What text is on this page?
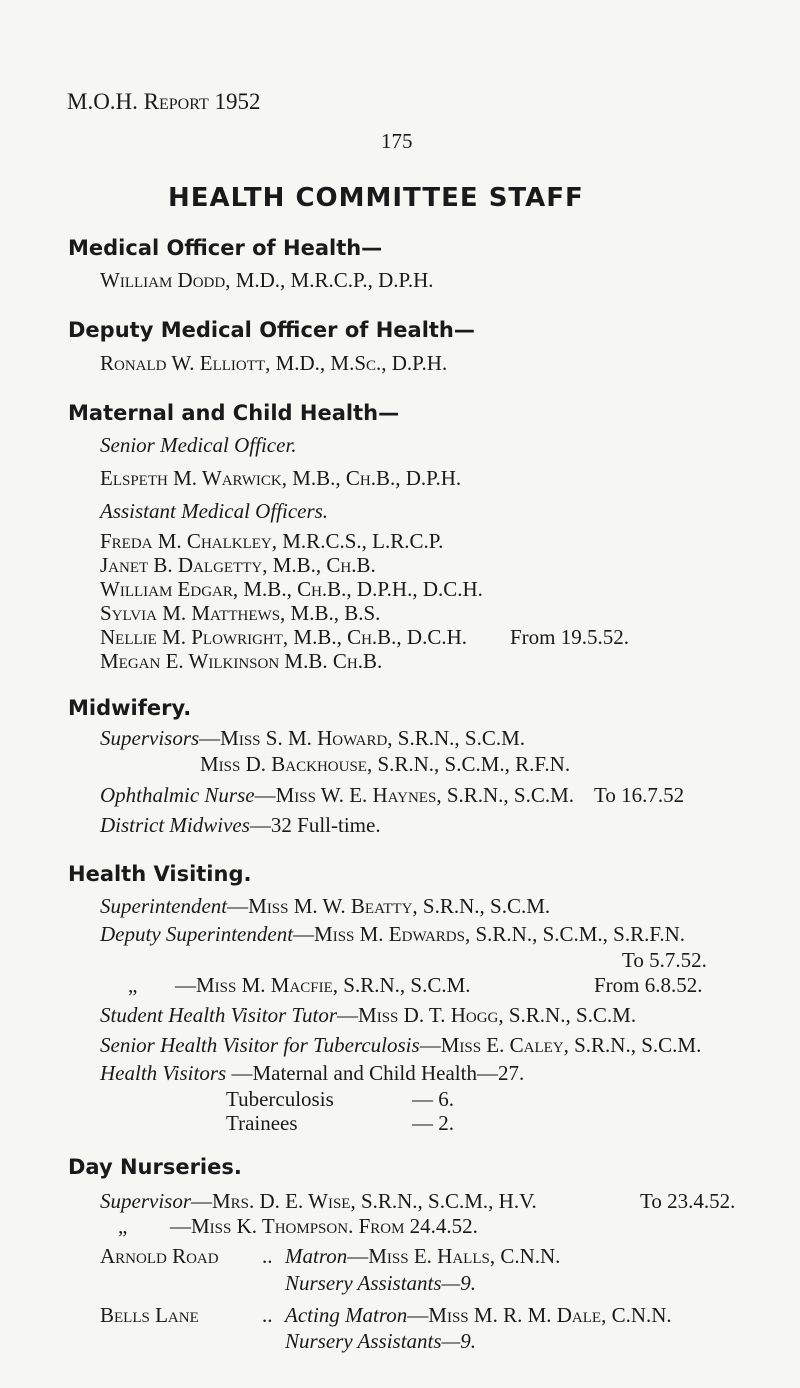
M.O.H. Report 1952
175
HEALTH COMMITTEE STAFF
Medical Officer of Health—
William Dodd, M.D., M.R.C.P., D.P.H.
Deputy Medical Officer of Health—
Ronald W. Elliott, M.D., M.Sc., D.P.H.
Maternal and Child Health—
Senior Medical Officer.
Elspeth M. Warwick, M.B., Ch.B., D.P.H.
Assistant Medical Officers.
Freda M. Chalkley, M.R.C.S., L.R.C.P.
Janet B. Dalgetty, M.B., Ch.B.
William Edgar, M.B., Ch.B., D.P.H., D.C.H.
Sylvia M. Matthews, M.B., B.S.
Nellie M. Plowright, M.B., Ch.B., D.C.H. From 19.5.52.
Megan E. Wilkinson M.B. Ch.B.
Midwifery.
Supervisors—Miss S. M. Howard, S.R.N., S.C.M.
Miss D. Backhouse, S.R.N., S.C.M., R.F.N.
Ophthalmic Nurse—Miss W. E. Haynes, S.R.N., S.C.M. To 16.7.52
District Midwives—32 Full-time.
Health Visiting.
Superintendent—Miss M. W. Beatty, S.R.N., S.C.M.
Deputy Superintendent—Miss M. Edwards, S.R.N., S.C.M., S.R.F.N.
To 5.7.52.
„ —Miss M. Macfie, S.R.N., S.C.M.	From 6.8.52.
Student Health Visitor Tutor—Miss D. T. Hogg, S.R.N., S.C.M.
Senior Health Visitor for Tuberculosis—Miss E. Caley, S.R.N., S.C.M.
Health Visitors —Maternal and Child Health—27.
Tuberculosis	— 6.
Trainees	— 2.
Day Nurseries.
Supervisor—Mrs. D. E. Wise, S.R.N., S.C.M., H.V.	To 23.4.52.
„ —Miss K. Thompson. From 24.4.52.
Arnold Road .. Matron—Miss E. Halls, C.N.N.
Nursery Assistants—9.
Bells Lane	.. Acting Matron—Miss M. R. M. Dale, C.N.N.
Nursery Assistants—9.
